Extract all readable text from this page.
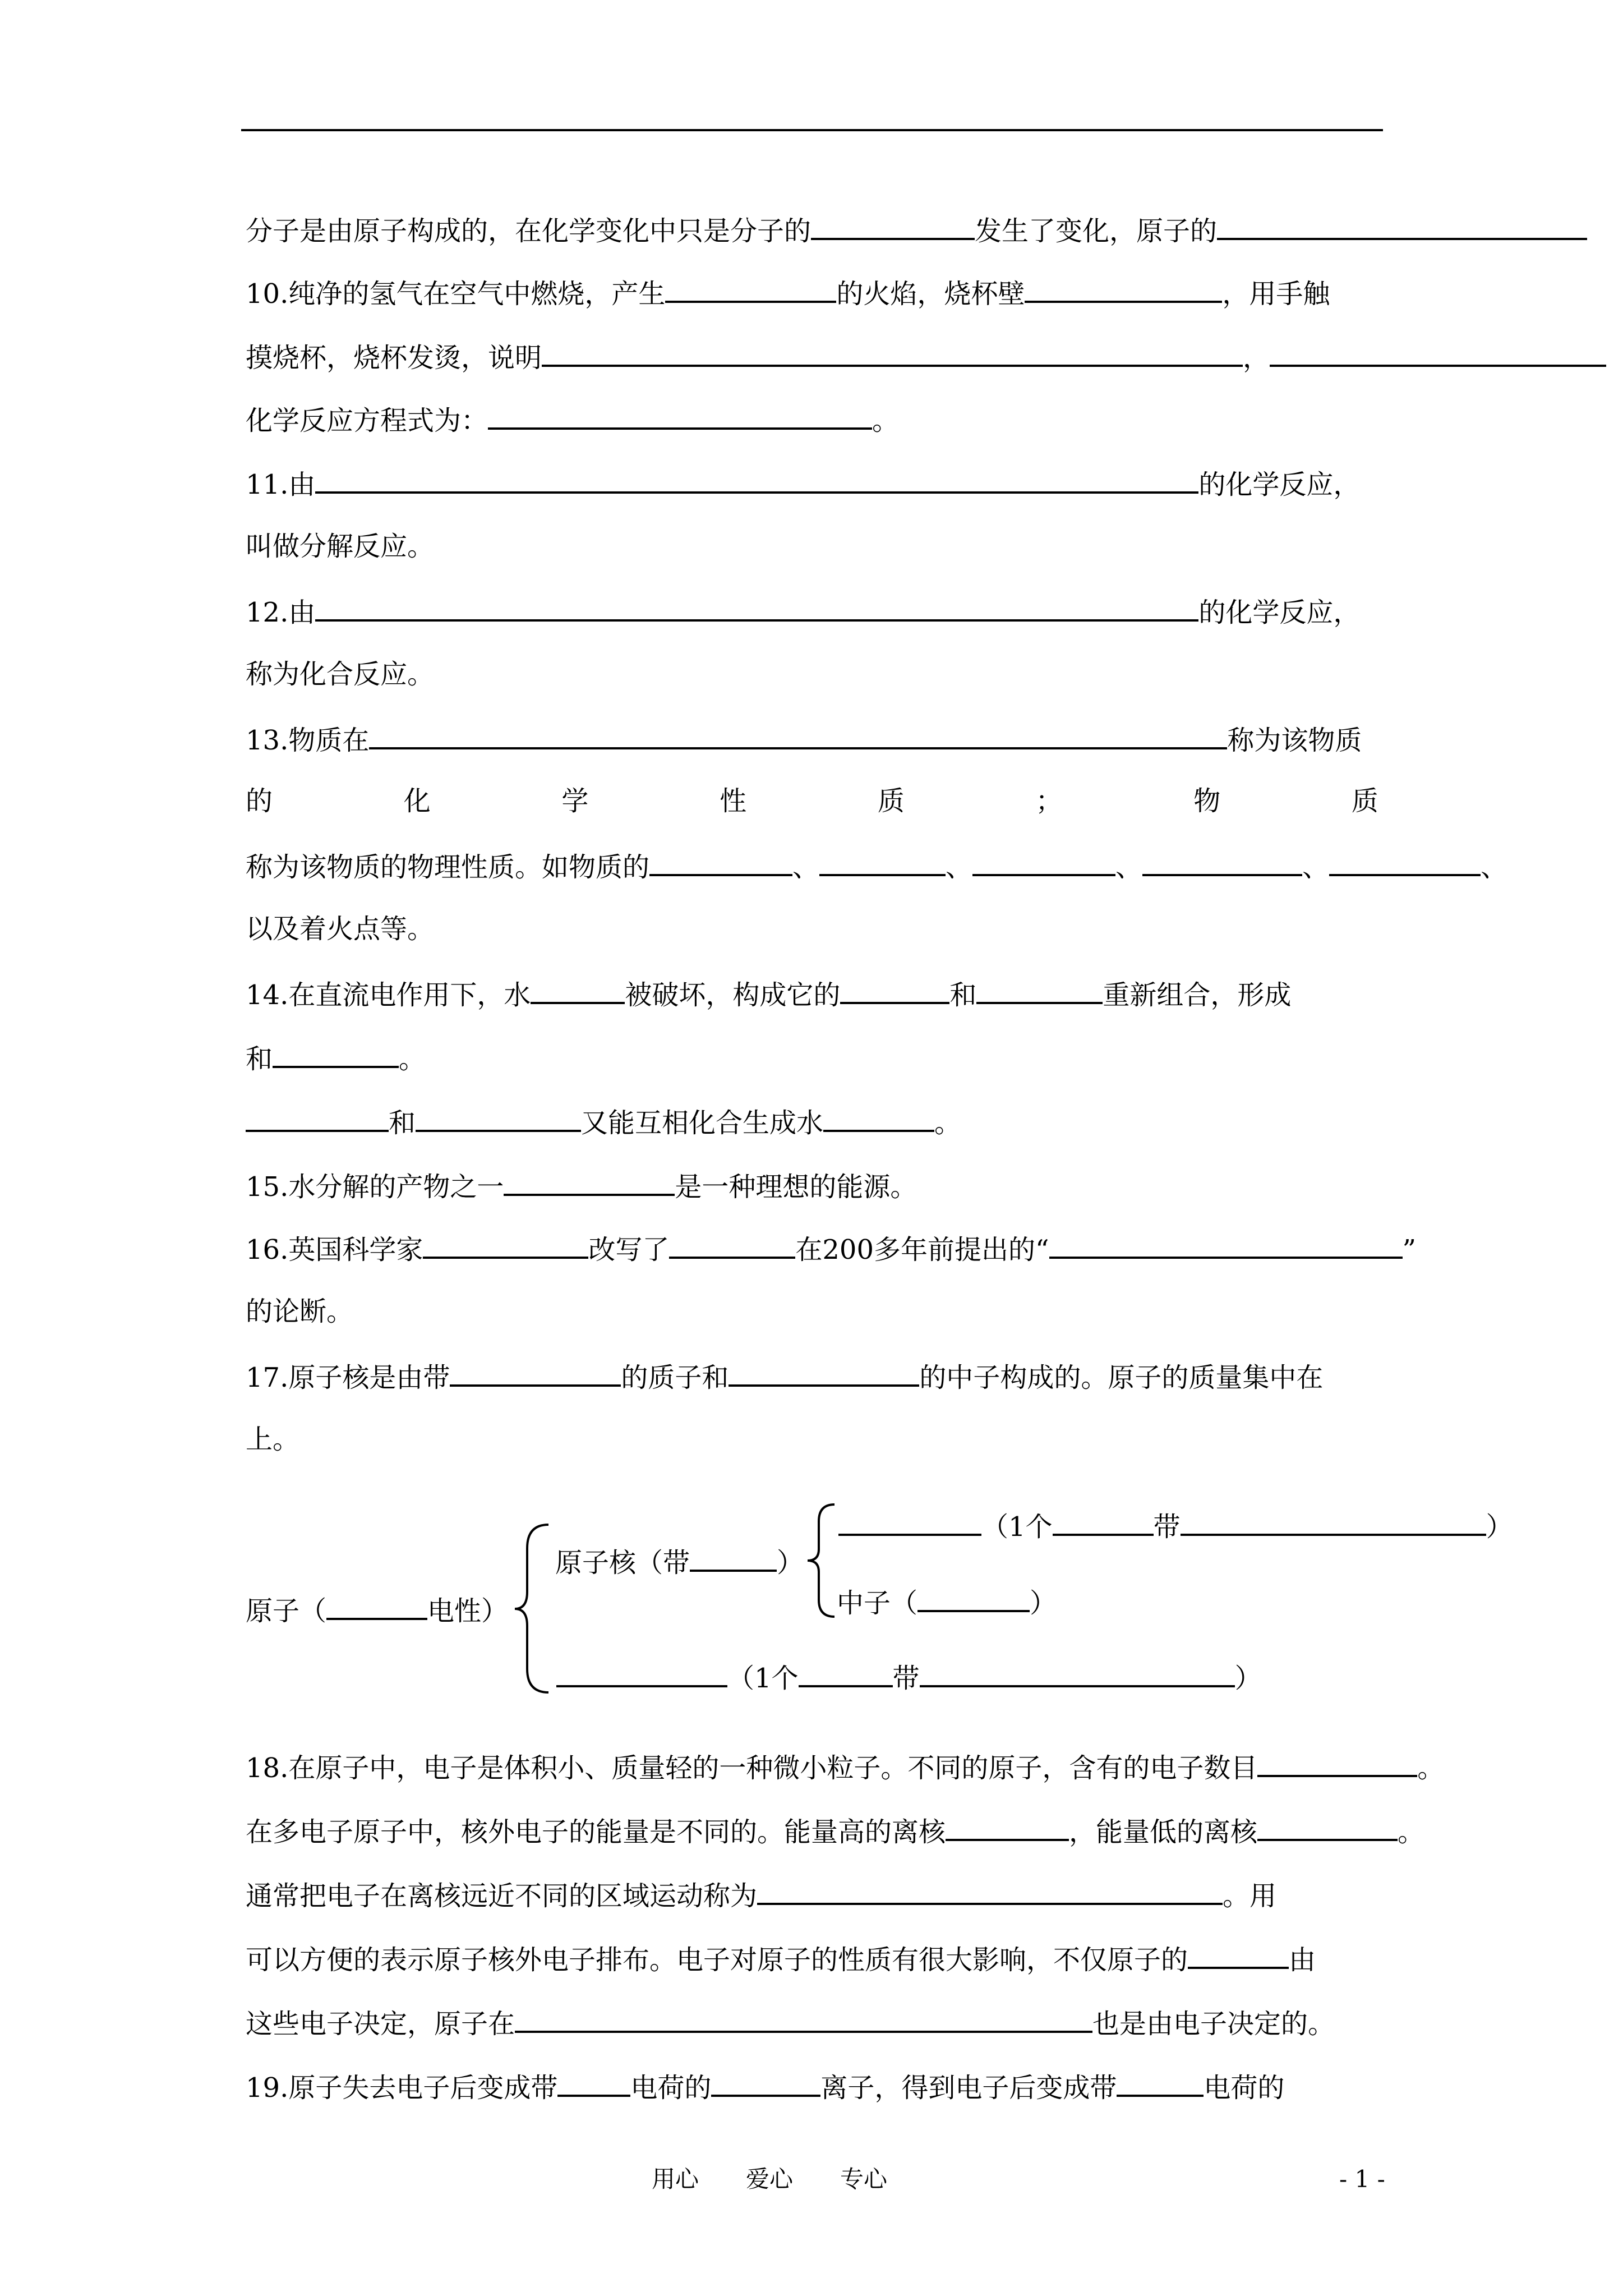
分子是由原子构成的，在化学变化中只是分子的	发生了变化，原子的
10.纯净的氢气在空气中燃烧，产生	的火焰，烧杯壁	，用手触
摸烧杯，烧杯发烫，说明	，
化学反应方程式为：	。
11.由	的化学反应，
叫做分解反应。
12.由	的化学反应，
称为化合反应。
13.物质在	称为该物质
的	化	学	性	质	；	物	质
称为该物质的物理性质。如物质的	、	、	、	、	、
以及着火点等。
14.在直流电作用下，水	被破坏，构成它的	和	重新组合，形成
和	。
和	又能互相化合生成水	。
15.水分解的产物之一	是一种理想的能源。
16.英国科学家	改写了	在200多年前提出的“	”
的论断。
17.原子核是由带	的质子和	的中子构成的。原子的质量集中在
上。
原子（	电性）
原子核（带	）
（1个	带	）
中子（	）
（1个	带	）
18.在原子中，电子是体积小、质量轻的一种微小粒子。不同的原子，含有的电子数目	。
在多电子原子中，核外电子的能量是不同的。能量高的离核	，能量低的离核	。
通常把电子在离核远近不同的区域运动称为	。用
可以方便的表示原子核外电子排布。电子对原子的性质有很大影响，不仅原子的	由
这些电子决定，原子在	也是由电子决定的。
19.原子失去电子后变成带	电荷的	离子，得到电子后变成带	电荷的
用心　　爱心　　专心	- 1 -
